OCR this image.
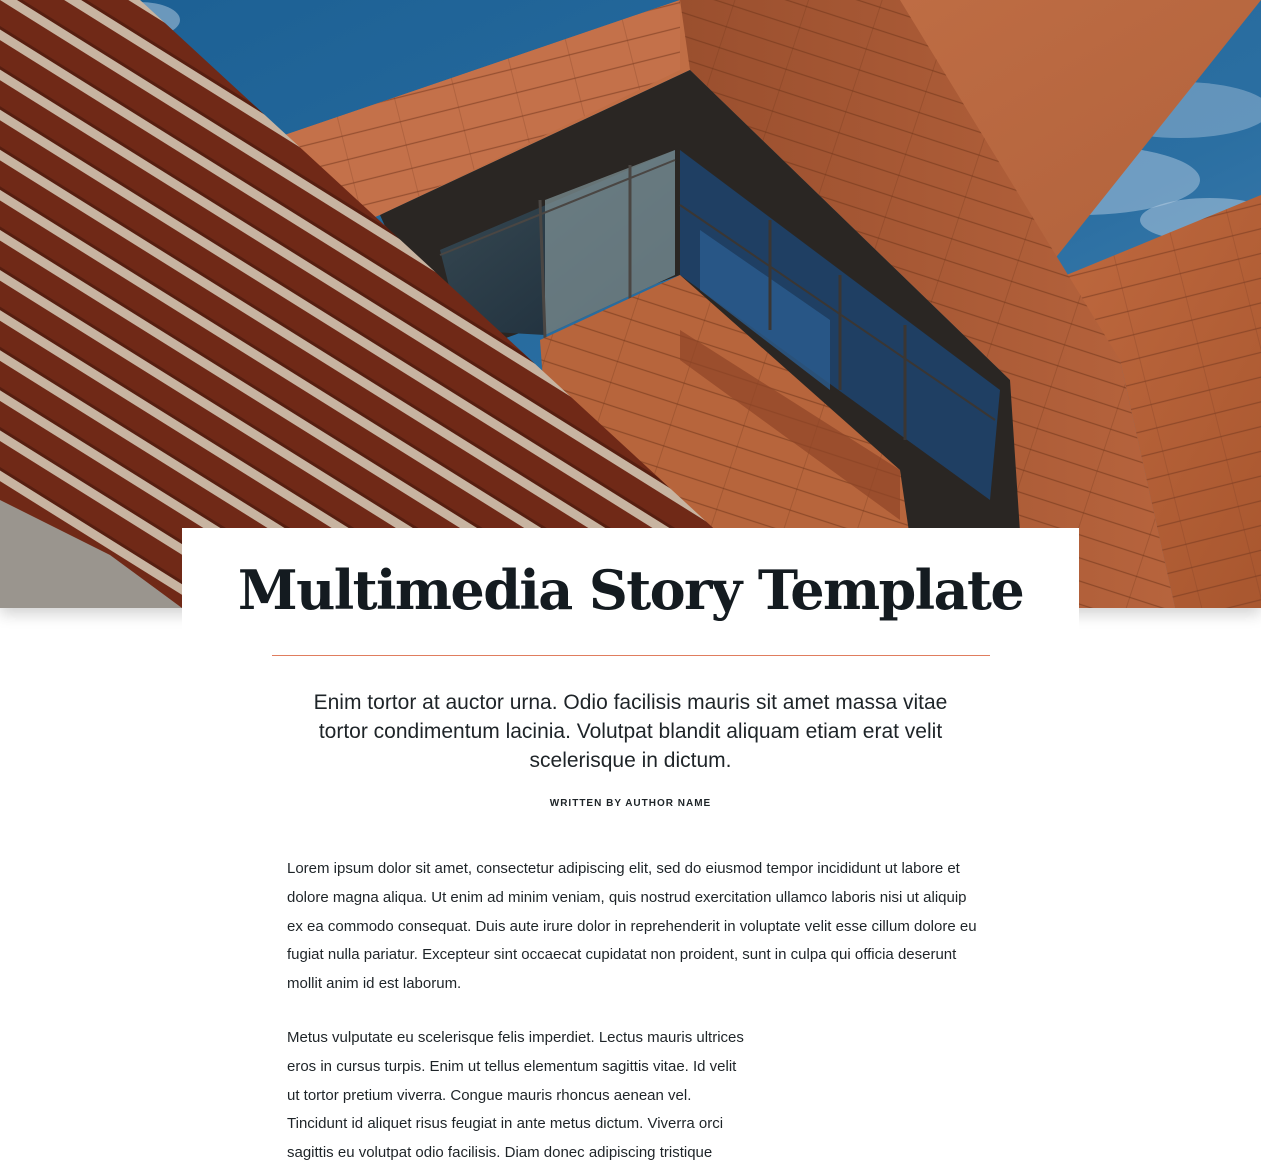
Multimedia Story Template

Enim tortor at auctor urna. Odio facilisis mauris sit amet massa vitae tortor condimentum lacinia. Volutpat blandit aliquam etiam erat velit scelerisque in dictum.

WRITTEN BY AUTHOR NAME

Lorem ipsum dolor sit amet, consectetur adipiscing elit, sed do eiusmod tempor incididunt ut labore et dolore magna aliqua. Ut enim ad minim veniam, quis nostrud exercitation ullamco laboris nisi ut aliquip ex ea commodo consequat. Duis aute irure dolor in reprehenderit in voluptate velit esse cillum dolore eu fugiat nulla pariatur. Excepteur sint occaecat cupidatat non proident, sunt in culpa qui officia deserunt mollit anim id est laborum.

Metus vulputate eu scelerisque felis imperdiet. Lectus mauris ultrices eros in cursus turpis. Enim ut tellus elementum sagittis vitae. Id velit ut tortor pretium viverra. Congue mauris rhoncus aenean vel. Tincidunt id aliquet risus feugiat in ante metus dictum. Viverra orci sagittis eu volutpat odio facilisis. Diam donec adipiscing tristique
